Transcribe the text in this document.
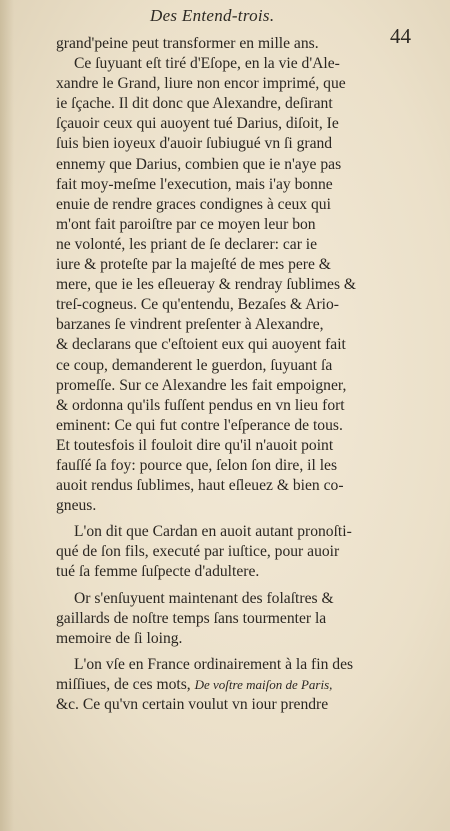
Des Entend-trois.
44
grand'peine peut transformer en mille ans.
Ce ſuyuant eſt tiré d'Eſope, en la vie d'Ale-
xandre le Grand, liure non encor imprimé, que
ie ſçache. Il dit donc que Alexandre, deſirant
ſçauoir ceux qui auoyent tué Darius, diſoit, Ie
ſuis bien ioyeux d'auoir ſubiugué vn ſi grand
ennemy que Darius, combien que ie n'aye pas
fait moy-meſme l'execution, mais i'ay bonne
enuie de rendre graces condignes à ceux qui
m'ont fait paroiſtre par ce moyen leur bon
ne volonté, les priant de ſe declarer: car ie
iure & proteſte par la majeſté de mes pere &
mere, que ie les eſleueray & rendray ſublimes &
treſ-cogneus. Ce qu'entendu, Bezaſes & Ario-
barzanes ſe vindrent preſenter à Alexandre,
& declarans que c'eſtoient eux qui auoyent fait
ce coup, demanderent le guerdon, ſuyuant ſa
promeſſe. Sur ce Alexandre les fait empoigner,
& ordonna qu'ils fuſſent pendus en vn lieu fort
eminent: Ce qui fut contre l'eſperance de tous.
Et toutesfois il fouloit dire qu'il n'auoit point
fauſſé ſa foy: pource que, ſelon ſon dire, il les
auoit rendus ſublimes, haut eſleuez & bien co-
gneus.
L'on dit que Cardan en auoit autant pronoſti-
qué de ſon fils, executé par iuſtice, pour auoir
tué ſa femme ſuſpecte d'adultere.
Or s'enſuyuent maintenant des folaſtres &
gaillards de noſtre temps ſans tourmenter la
memoire de ſi loing.
L'on vſe en France ordinairement à la fin des
miſſiues, de ces mots, De voſtre maiſon de Paris,
&c. Ce qu'vn certain voulut vn iour prendre
